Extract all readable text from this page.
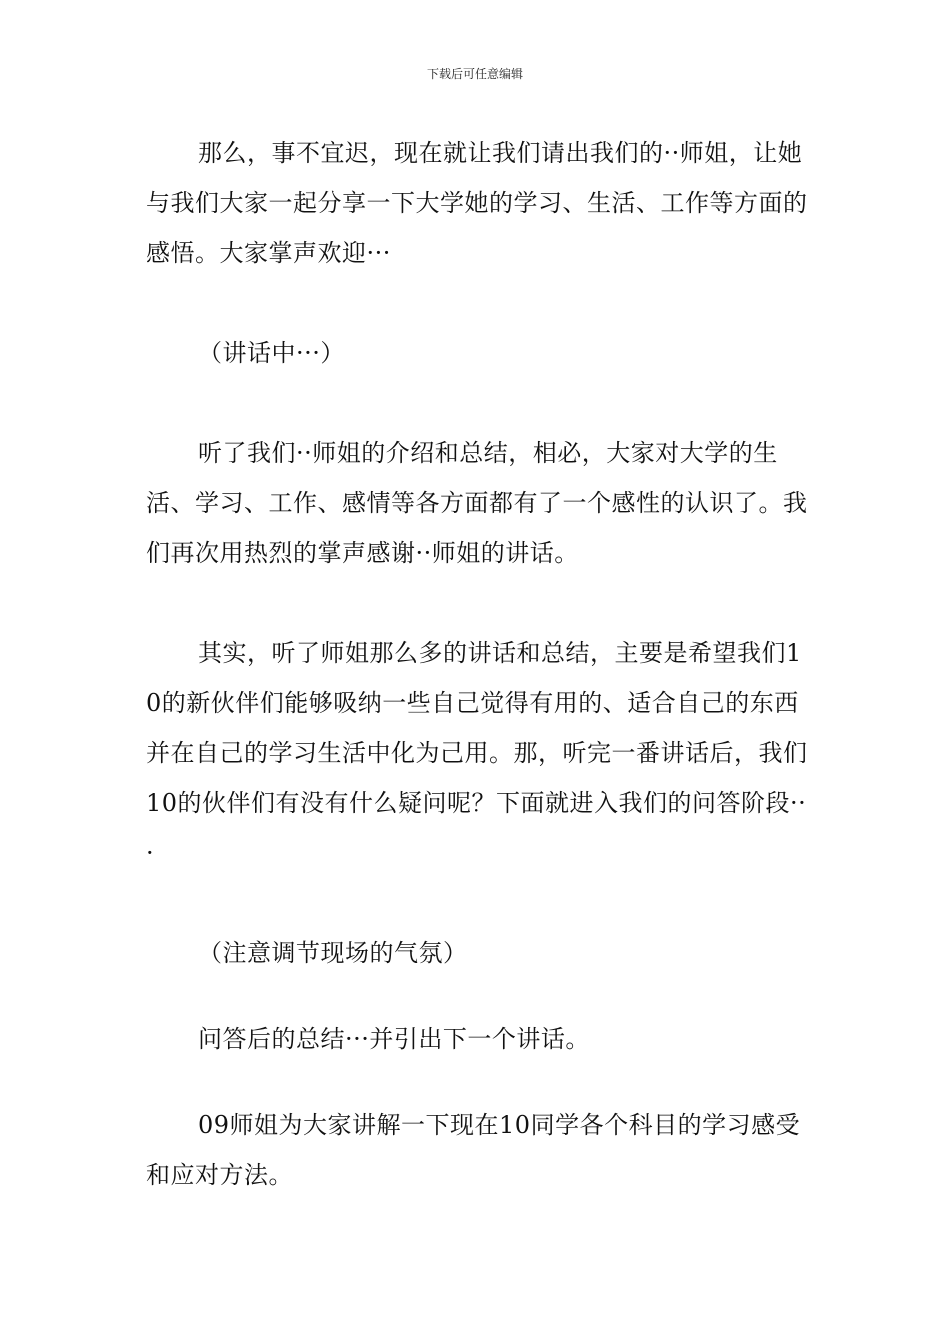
下载后可任意编辑

那么，事不宜迟，现在就让我们请出我们的··师姐，让她与我们大家一起分享一下大学她的学习、生活、工作等方面的感悟。大家掌声欢迎···

（讲话中···）

听了我们··师姐的介绍和总结，相必，大家对大学的生活、学习、工作、感情等各方面都有了一个感性的认识了。我们再次用热烈的掌声感谢··师姐的讲话。

其实，听了师姐那么多的讲话和总结，主要是希望我们10的新伙伴们能够吸纳一些自己觉得有用的、适合自己的东西并在自己的学习生活中化为己用。那，听完一番讲话后，我们10的伙伴们有没有什么疑问呢？下面就进入我们的问答阶段···

（注意调节现场的气氛）

问答后的总结···并引出下一个讲话。

09师姐为大家讲解一下现在10同学各个科目的学习感受和应对方法。
